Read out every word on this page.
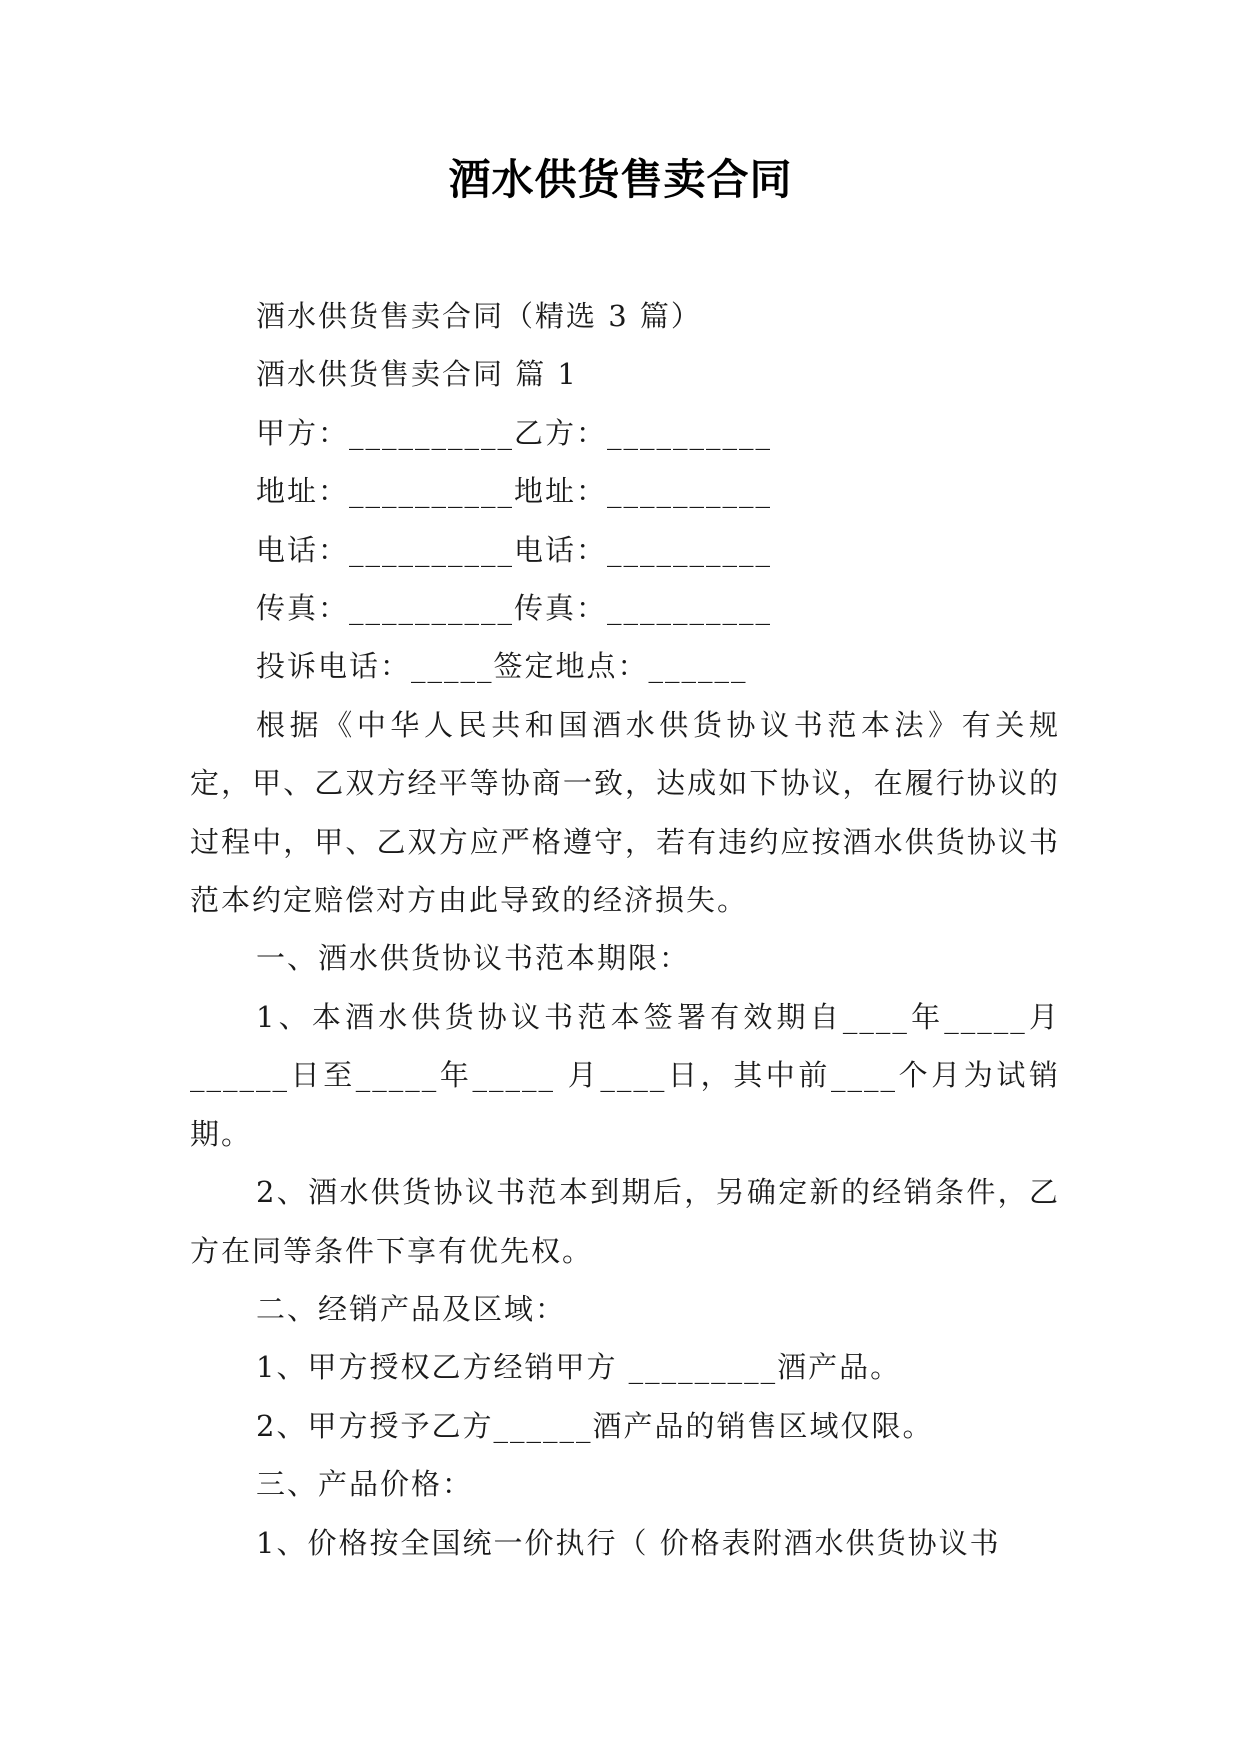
酒水供货售卖合同

酒水供货售卖合同（精选 3 篇）

酒水供货售卖合同 篇 1

甲方：__________乙方：__________

地址：__________地址：__________

电话：__________电话：__________

传真：__________传真：__________

投诉电话：_____签定地点：______

根据《中华人民共和国酒水供货协议书范本法》有关规定，甲、乙双方经平等协商一致，达成如下协议，在履行协议的过程中，甲、乙双方应严格遵守，若有违约应按酒水供货协议书范本约定赔偿对方由此导致的经济损失。

一、酒水供货协议书范本期限：

1、本酒水供货协议书范本签署有效期自____年_____月______日至_____年_____ 月____日，其中前____个月为试销期。

2、酒水供货协议书范本到期后，另确定新的经销条件，乙方在同等条件下享有优先权。

二、经销产品及区域：

1、甲方授权乙方经销甲方 _________酒产品。

2、甲方授予乙方______酒产品的销售区域仅限。

三、产品价格：

1、价格按全国统一价执行（ 价格表附酒水供货协议书
